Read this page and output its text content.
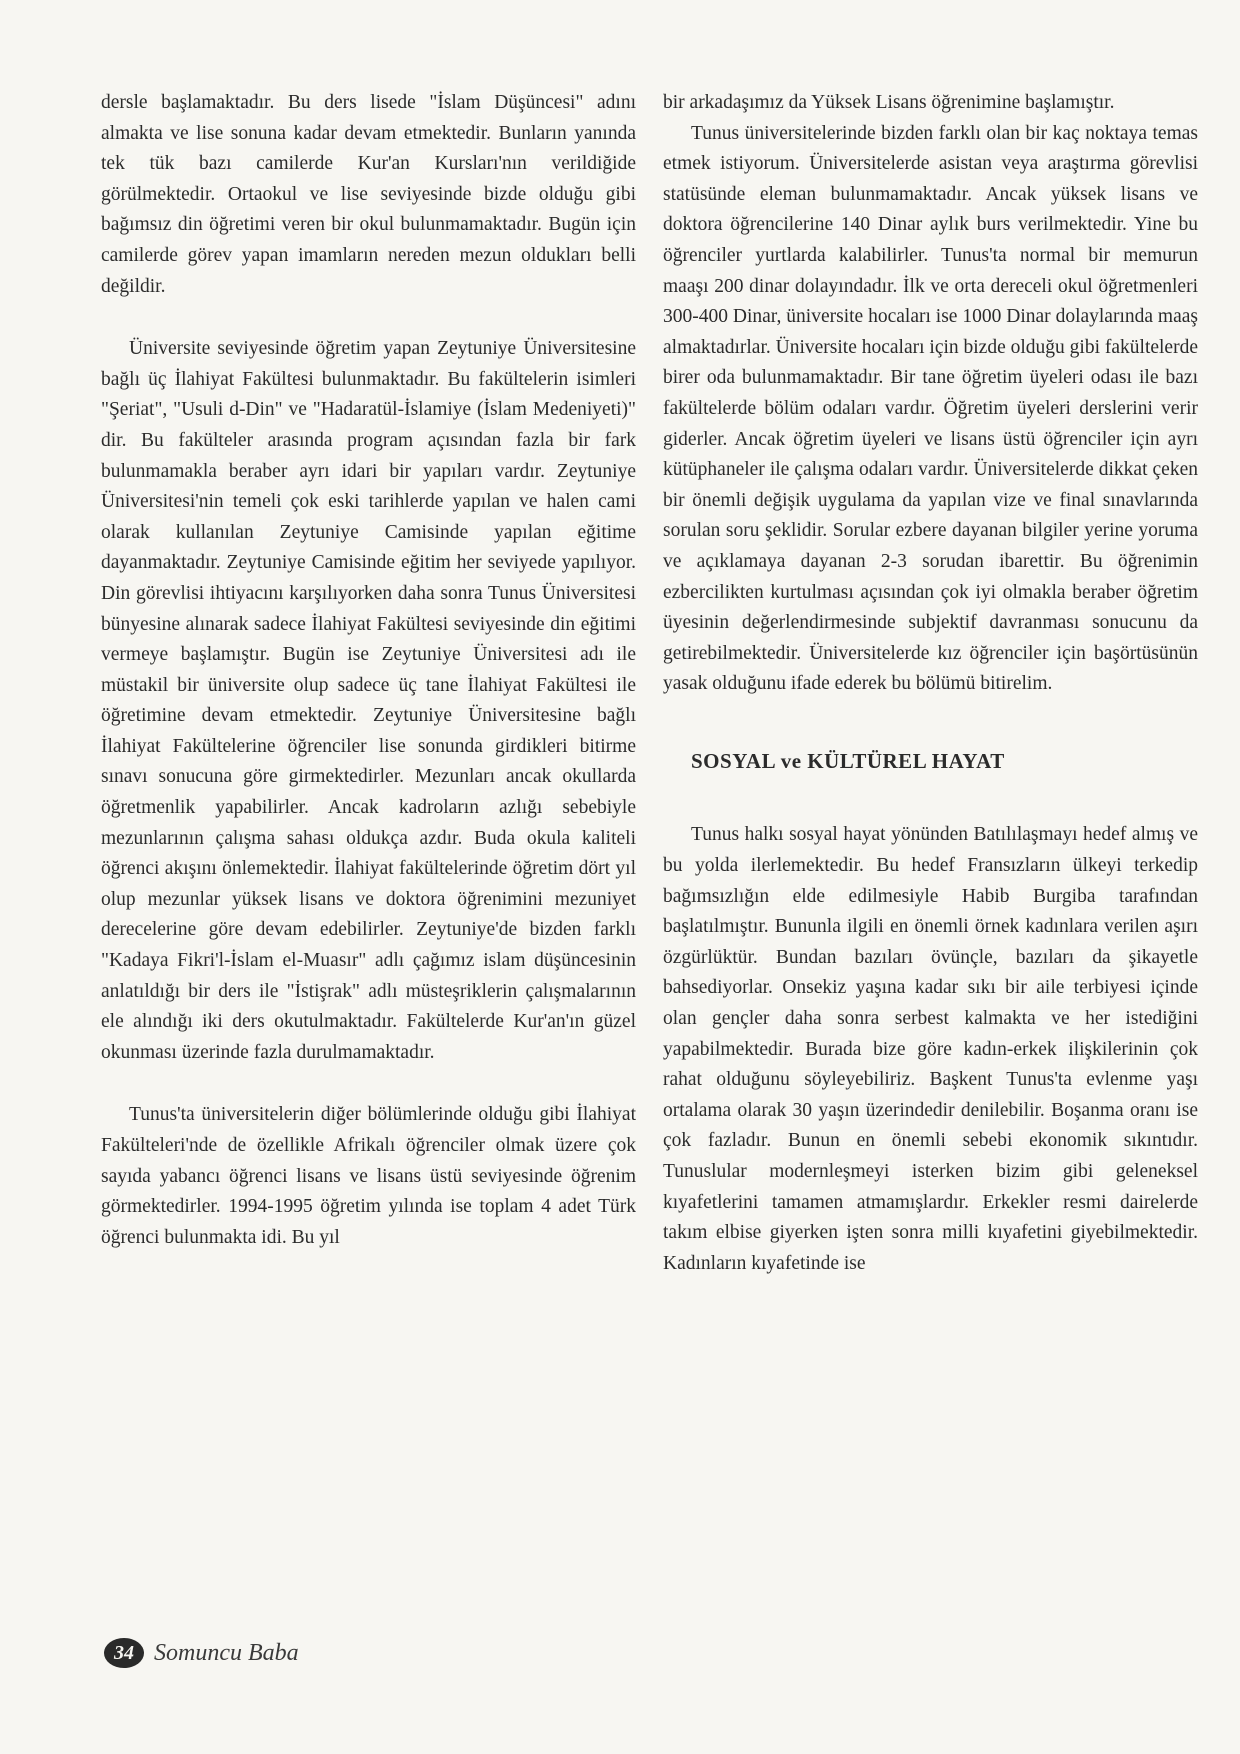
dersle başlamaktadır. Bu ders lisede "İslam Düşüncesi" adını almakta ve lise sonuna kadar devam etmektedir. Bunların yanında tek tük bazı camilerde Kur'an Kursları'nın verildiğide görülmektedir. Ortaokul ve lise seviyesinde bizde olduğu gibi bağımsız din öğretimi veren bir okul bulunmamaktadır. Bugün için camilerde görev yapan imamların nereden mezun oldukları belli değildir.

Üniversite seviyesinde öğretim yapan Zeytuniye Üniversitesine bağlı üç İlahiyat Fakültesi bulunmaktadır. Bu fakültelerin isimleri "Şeriat", "Usuli d-Din" ve "Hadaratül-İslamiye (İslam Medeniyeti)" dir. Bu fakülteler arasında program açısından fazla bir fark bulunmamakla beraber ayrı idari bir yapıları vardır. Zeytuniye Üniversitesi'nin temeli çok eski tarihlerde yapılan ve halen cami olarak kullanılan Zeytuniye Camisinde yapılan eğitime dayanmaktadır. Zeytuniye Camisinde eğitim her seviyede yapılıyor. Din görevlisi ihtiyacını karşılıyorken daha sonra Tunus Üniversitesi bünyesine alınarak sadece İlahiyat Fakültesi seviyesinde din eğitimi vermeye başlamıştır. Bugün ise Zeytuniye Üniversitesi adı ile müstakil bir üniversite olup sadece üç tane İlahiyat Fakültesi ile öğretimine devam etmektedir. Zeytuniye Üniversitesine bağlı İlahiyat Fakültelerine öğrenciler lise sonunda girdikleri bitirme sınavı sonucuna göre girmektedirler. Mezunları ancak okullarda öğretmenlik yapabilirler. Ancak kadroların azlığı sebebiyle mezunlarının çalışma sahası oldukça azdır. Buda okula kaliteli öğrenci akışını önlemektedir. İlahiyat fakültelerinde öğretim dört yıl olup mezunlar yüksek lisans ve doktora öğrenimini mezuniyet derecelerine göre devam edebilirler. Zeytuniye'de bizden farklı "Kadaya Fikri'l-İslam el-Muasır" adlı çağımız islam düşüncesinin anlatıldığı bir ders ile "İstişrak" adlı müsteşriklerin çalışmalarının ele alındığı iki ders okutulmaktadır. Fakültelerde Kur'an'ın güzel okunması üzerinde fazla durulmamaktadır.

Tunus'ta üniversitelerin diğer bölümlerinde olduğu gibi İlahiyat Fakülteleri'nde de özellikle Afrikalı öğrenciler olmak üzere çok sayıda yabancı öğrenci lisans ve lisans üstü seviyesinde öğrenim görmektedirler. 1994-1995 öğretim yılında ise toplam 4 adet Türk öğrenci bulunmakta idi. Bu yıl

bir arkadaşımız da Yüksek Lisans öğrenimine başlamıştır.

Tunus üniversitelerinde bizden farklı olan bir kaç noktaya temas etmek istiyorum. Üniversitelerde asistan veya araştırma görevlisi statüsünde eleman bulunmamaktadır. Ancak yüksek lisans ve doktora öğrencilerine 140 Dinar aylık burs verilmektedir. Yine bu öğrenciler yurtlarda kalabilirler. Tunus'ta normal bir memurun maaşı 200 dinar dolayındadır. İlk ve orta dereceli okul öğretmenleri 300-400 Dinar, üniversite hocaları ise 1000 Dinar dolaylarında maaş almaktadırlar. Üniversite hocaları için bizde olduğu gibi fakültelerde birer oda bulunmamaktadır. Bir tane öğretim üyeleri odası ile bazı fakültelerde bölüm odaları vardır. Öğretim üyeleri derslerini verir giderler. Ancak öğretim üyeleri ve lisans üstü öğrenciler için ayrı kütüphaneler ile çalışma odaları vardır. Üniversitelerde dikkat çeken bir önemli değişik uygulama da yapılan vize ve final sınavlarında sorulan soru şeklidir. Sorular ezbere dayanan bilgiler yerine yoruma ve açıklamaya dayanan 2-3 sorudan ibarettir. Bu öğrenimin ezbercilikten kurtulması açısından çok iyi olmakla beraber öğretim üyesinin değerlendirmesinde subjektif davranması sonucunu da getirebilmektedir. Üniversitelerde kız öğrenciler için başörtüsünün yasak olduğunu ifade ederek bu bölümü bitirelim.

SOSYAL ve KÜLTÜREL HAYAT

Tunus halkı sosyal hayat yönünden Batılılaşmayı hedef almış ve bu yolda ilerlemektedir. Bu hedef Fransızların ülkeyi terkedip bağımsızlığın elde edilmesiyle Habib Burgiba tarafından başlatılmıştır. Bununla ilgili en önemli örnek kadınlara verilen aşırı özgürlüktür. Bundan bazıları övünçle, bazıları da şikayetle bahsediyorlar. Onsekiz yaşına kadar sıkı bir aile terbiyesi içinde olan gençler daha sonra serbest kalmakta ve her istediğini yapabilmektedir. Burada bize göre kadın-erkek ilişkilerinin çok rahat olduğunu söyleyebiliriz. Başkent Tunus'ta evlenme yaşı ortalama olarak 30 yaşın üzerindedir denilebilir. Boşanma oranı ise çok fazladır. Bunun en önemli sebebi ekonomik sıkıntıdır. Tunuslular modernleşmeyi isterken bizim gibi geleneksel kıyafetlerini tamamen atmamışlardır. Erkekler resmi dairelerde takım elbise giyerken işten sonra milli kıyafetini giyebilmektedir. Kadınların kıyafetinde ise

34 Somuncu Baba
